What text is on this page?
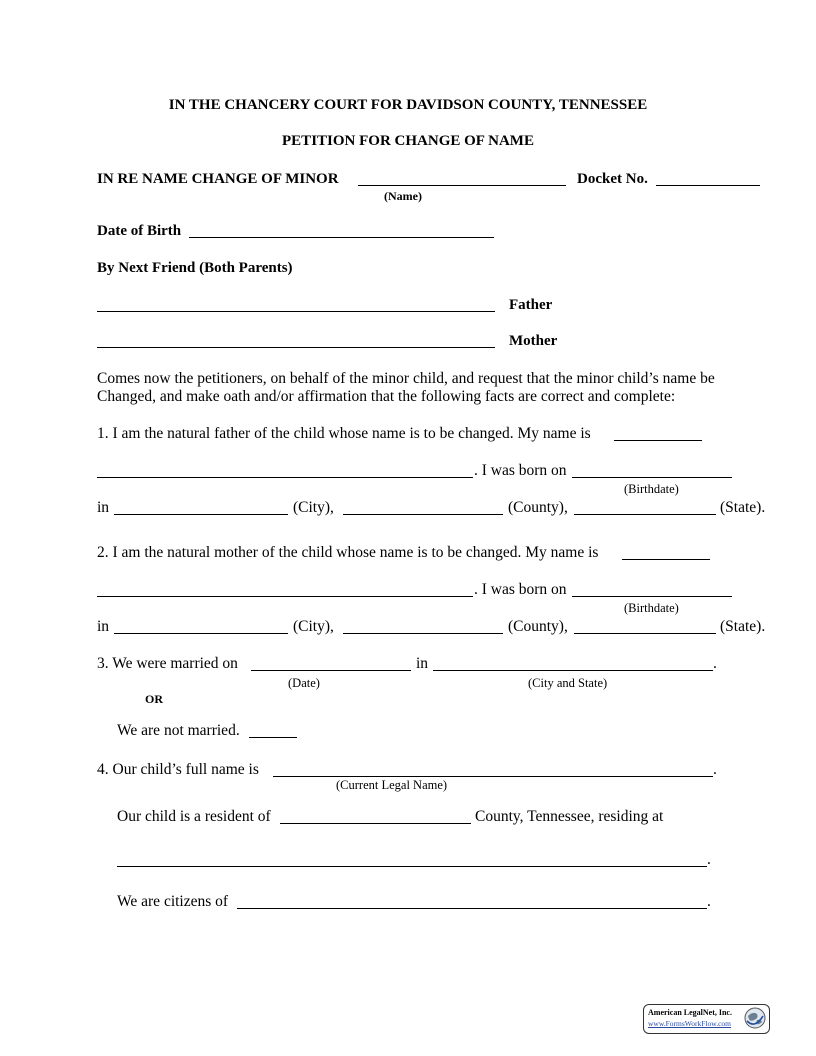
IN THE CHANCERY COURT FOR DAVIDSON COUNTY, TENNESSEE
PETITION FOR CHANGE OF NAME
IN RE NAME CHANGE OF MINOR
(Name)
Docket No.
Date of Birth
By Next Friend (Both Parents)
Father
Mother
Comes now the petitioners, on behalf of the minor child, and request that the minor child’s name be
Changed, and make oath and/or affirmation that the following facts are correct and complete:
1. I am the natural father of the child whose name is to be changed. My name is
. I was born on
(Birthdate)
in	(City),	(County),	(State).
2. I am the natural mother of the child whose name is to be changed. My name is
. I was born on
(Birthdate)
in	(City),	(County),	(State).
3. We were married on	in	.
(Date)	(City and State)
OR
We are not married.
4. Our child’s full name is	.
(Current Legal Name)
Our child is a resident of	County, Tennessee, residing at
.
We are citizens of	.
American LegalNet, Inc.
www.FormsWorkFlow.com
